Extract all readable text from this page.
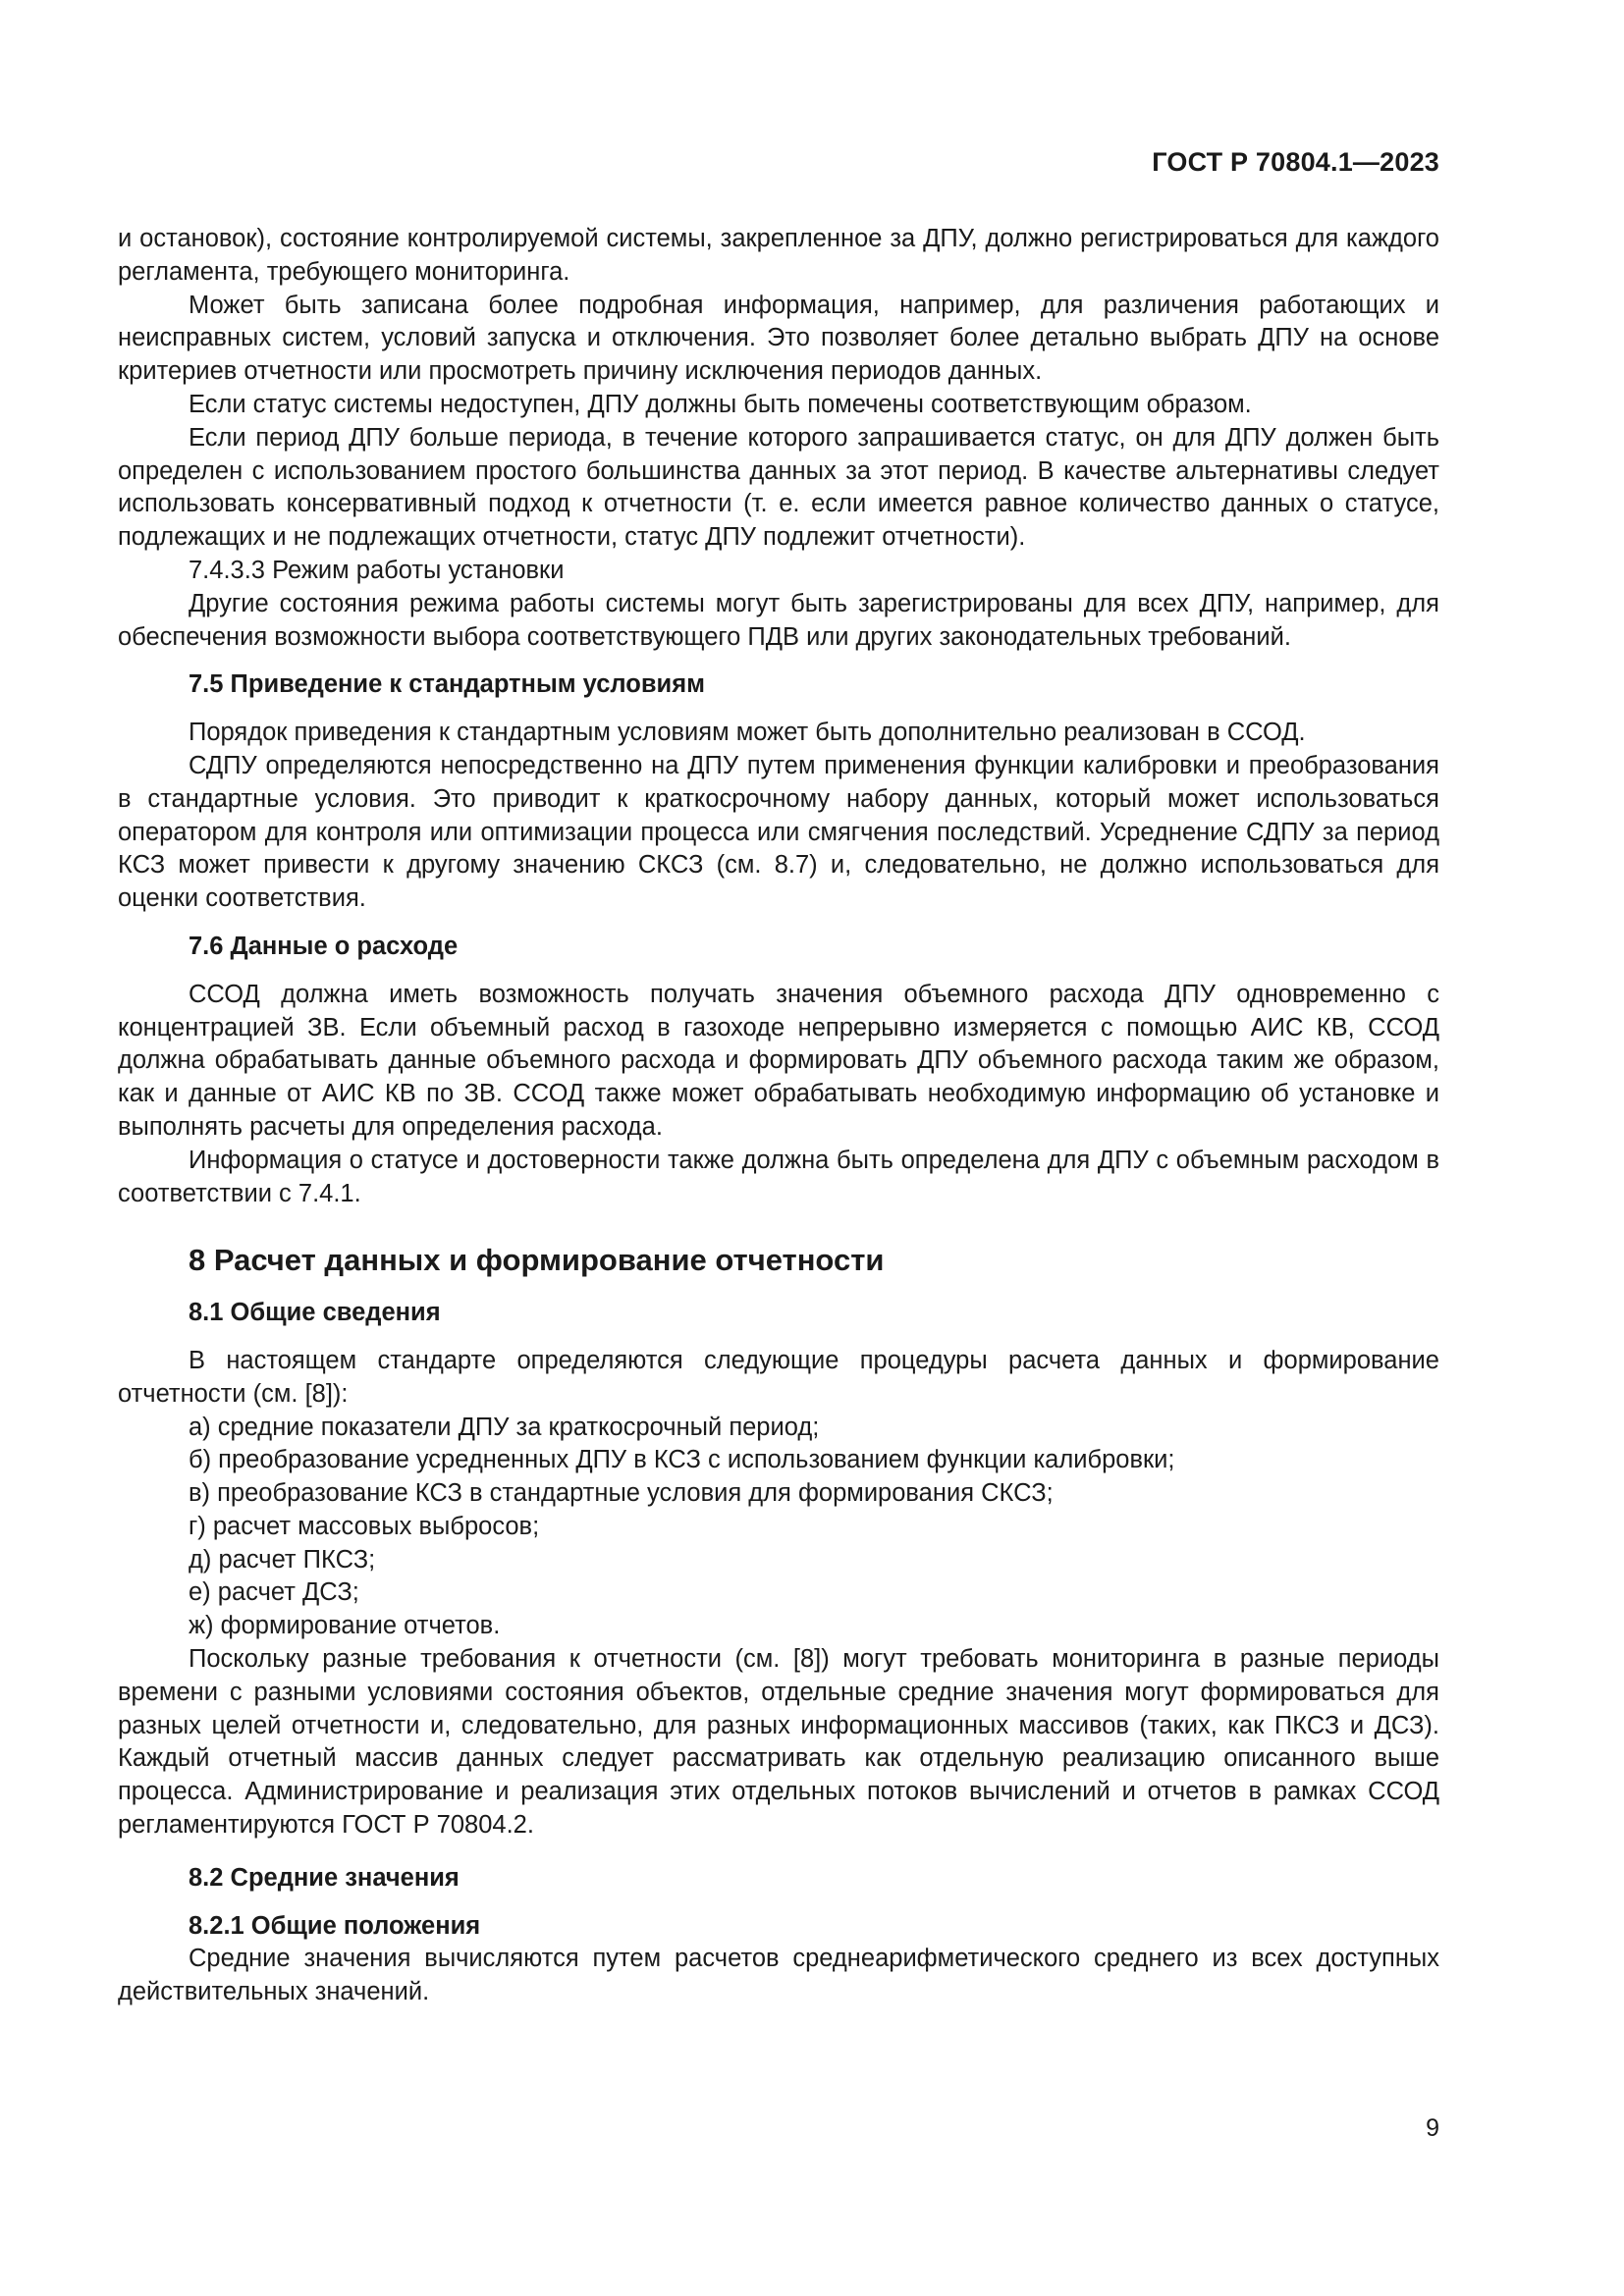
ГОСТ Р 70804.1—2023

и остановок), состояние контролируемой системы, закрепленное за ДПУ, должно регистрироваться для каждого регламента, требующего мониторинга.

Может быть записана более подробная информация, например, для различения работающих и неисправных систем, условий запуска и отключения. Это позволяет более детально выбрать ДПУ на основе критериев отчетности или просмотреть причину исключения периодов данных.

Если статус системы недоступен, ДПУ должны быть помечены соответствующим образом.

Если период ДПУ больше периода, в течение которого запрашивается статус, он для ДПУ должен быть определен с использованием простого большинства данных за этот период. В качестве альтернативы следует использовать консервативный подход к отчетности (т. е. если имеется равное количество данных о статусе, подлежащих и не подлежащих отчетности, статус ДПУ подлежит отчетности).

7.4.3.3 Режим работы установки

Другие состояния режима работы системы могут быть зарегистрированы для всех ДПУ, например, для обеспечения возможности выбора соответствующего ПДВ или других законодательных требований.

7.5 Приведение к стандартным условиям

Порядок приведения к стандартным условиям может быть дополнительно реализован в ССОД.

СДПУ определяются непосредственно на ДПУ путем применения функции калибровки и преобразования в стандартные условия. Это приводит к краткосрочному набору данных, который может использоваться оператором для контроля или оптимизации процесса или смягчения последствий. Усреднение СДПУ за период КСЗ может привести к другому значению СКСЗ (см. 8.7) и, следовательно, не должно использоваться для оценки соответствия.

7.6 Данные о расходе

ССОД должна иметь возможность получать значения объемного расхода ДПУ одновременно с концентрацией ЗВ. Если объемный расход в газоходе непрерывно измеряется с помощью АИС КВ, ССОД должна обрабатывать данные объемного расхода и формировать ДПУ объемного расхода таким же образом, как и данные от АИС КВ по ЗВ. ССОД также может обрабатывать необходимую информацию об установке и выполнять расчеты для определения расхода.

Информация о статусе и достоверности также должна быть определена для ДПУ с объемным расходом в соответствии с 7.4.1.

8 Расчет данных и формирование отчетности

8.1 Общие сведения

В настоящем стандарте определяются следующие процедуры расчета данных и формирование отчетности (см. [8]):

а) средние показатели ДПУ за краткосрочный период;

б) преобразование усредненных ДПУ в КСЗ с использованием функции калибровки;

в) преобразование КСЗ в стандартные условия для формирования СКСЗ;

г) расчет массовых выбросов;

д) расчет ПКСЗ;

е) расчет ДСЗ;

ж) формирование отчетов.

Поскольку разные требования к отчетности (см. [8]) могут требовать мониторинга в разные периоды времени с разными условиями состояния объектов, отдельные средние значения могут формироваться для разных целей отчетности и, следовательно, для разных информационных массивов (таких, как ПКСЗ и ДСЗ). Каждый отчетный массив данных следует рассматривать как отдельную реализацию описанного выше процесса. Администрирование и реализация этих отдельных потоков вычислений и отчетов в рамках ССОД регламентируются ГОСТ Р 70804.2.

8.2 Средние значения

8.2.1 Общие положения

Средние значения вычисляются путем расчетов среднеарифметического среднего из всех доступных действительных значений.

9
